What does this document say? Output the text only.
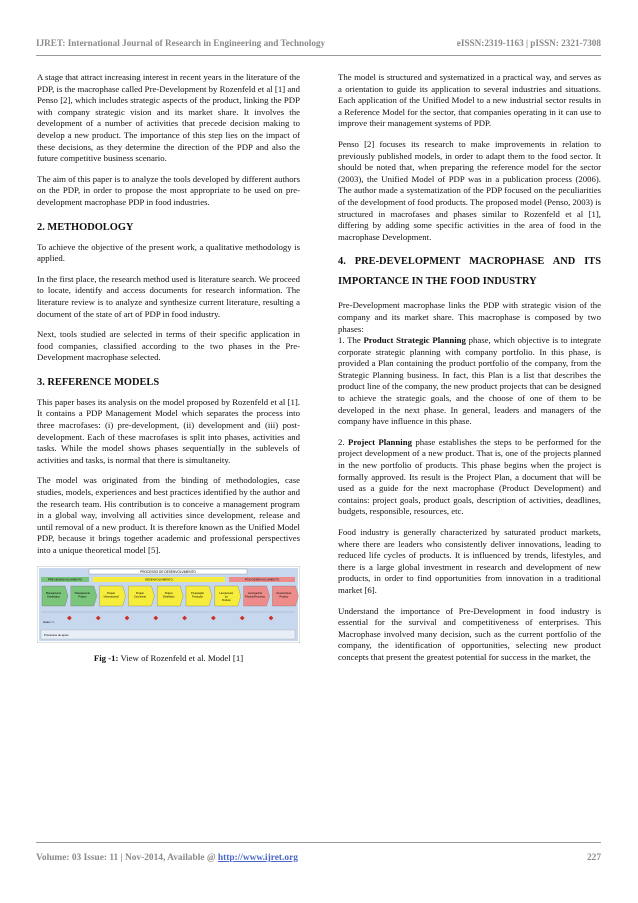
IJRET: International Journal of Research in Engineering and Technology	eISSN:2319-1163 | pISSN: 2321-7308

A stage that attract increasing interest in recent years in the literature of the PDP, is the macrophase called Pre-Development by Rozenfeld et al [1] and Penso [2], which includes strategic aspects of the product, linking the PDP with company strategic vision and its market share. It involves the development of a number of activities that precede decision making to develop a new product. The importance of this step lies on the impact of these decisions, as they determine the direction of the PDP and also the future competitive business scenario.

The aim of this paper is to analyze the tools developed by different authors on the PDP, in order to propose the most appropriate to be used on pre-development macrophase PDP in food industries.

2. METHODOLOGY

To achieve the objective of the present work, a qualitative methodology is applied.

In the first place, the research method used is literature search. We proceed to locate, identify and access documents for research information. The literature review is to analyze and synthesize current literature, resulting a document of the state of art of PDP in food industry.

Next, tools studied are selected in terms of their specific application in food companies, classified according to the two phases in the Pre-Development macrophase selected.

3. REFERENCE MODELS

This paper bases its analysis on the model proposed by Rozenfeld et al [1]. It contains a PDP Management Model which separates the process into three macrofases: (i) pre-development, (ii) development and (iii) post-development. Each of these macrofases is split into phases, activities and tasks. While the model shows phases sequentially in the sublevels of activities and tasks, is normal that there is simultaneity.

The model was originated from the binding of methodologies, case studies, models, experiences and best practices identified by the author and the research team. His contribution is to conceive a management program in a global way, involving all activities since development, release and until removal of a new product. It is therefore known as the Unified Model PDP, because it brings together academic and professional perspectives into a unique theoretical model [5].

PROCESSO DE DESENVOLVIMENTO
PRÉ-DESENVOLVIMENTO	DESENVOLVIMENTO	PÓS-DESENVOLVIMENTO
Planejamento
Estratégico
Planejamento
Projeto
Projeto
Informacional
Projeto
Conceitual
Projeto
Detalhado
Preparação
Produção
Lançamento
do
Produto
Acompanhar
Produto/Processo
Descontinuar
Produto
Gates >>
Processos de apoio
Fig -1: View of Rozenfeld et al. Model [1]

The model is structured and systematized in a practical way, and serves as a orientation to guide its application to several industries and situations. Each application of the Unified Model to a new industrial sector results in a Reference Model for the sector, that companies operating in it can use to improve their management systems of PDP.

Penso [2] focuses its research to make improvements in relation to previously published models, in order to adapt them to the food sector. It should be noted that, when preparing the reference model for the sector (2003), the Unified Model of PDP was in a publication process (2006). The author made a systematization of the PDP focused on the peculiarities of the development of food products. The proposed model (Penso, 2003) is structured in macrofases and phases similar to Rozenfeld et al [1], differing by adding some specific activities in the area of food in the macrophase Development.

4. PRE-DEVELOPMENT MACROPHASE AND ITS IMPORTANCE IN THE FOOD INDUSTRY

Pre-Development macrophase links the PDP with strategic vision of the company and its market share. This macrophase is composed by two phases:

1. The Product Strategic Planning phase, which objective is to integrate corporate strategic planning with company portfolio. In this phase, is provided a Plan containing the product portfolio of the company, from the Strategic Planning business. In fact, this Plan is a list that describes the product line of the company, the new product projects that can be designed to achieve the strategic goals, and the choose of one of them to be developed in the next phase. In general, leaders and managers of the company have influence in this phase.

2. Project Planning phase establishes the steps to be performed for the project development of a new product. That is, one of the projects planned in the new portfolio of products. This phase begins when the project is formally approved. Its result is the Project Plan, a document that will be used as a guide for the next macrophase (Product Development) and contains: project goals, product goals, description of activities, deadlines, budgets, responsible, resources, etc.

Food industry is generally characterized by saturated product markets, where there are leaders who consistently deliver innovations, leading to reduced life cycles of products. It is influenced by trends, lifestyles, and there is a large global investment in research and development of new products, in order to find opportunities from innovation in a traditional market [6].

Understand the importance of Pre-Development in food industry is essential for the survival and competitiveness of enterprises. This Macrophase involved many decision, such as the current portfolio of the company, the identification of opportunities, selecting new product concepts that present the greatest potential for success in the market, the

Volume: 03 Issue: 11 | Nov-2014, Available @ http://www.ijret.org	227
